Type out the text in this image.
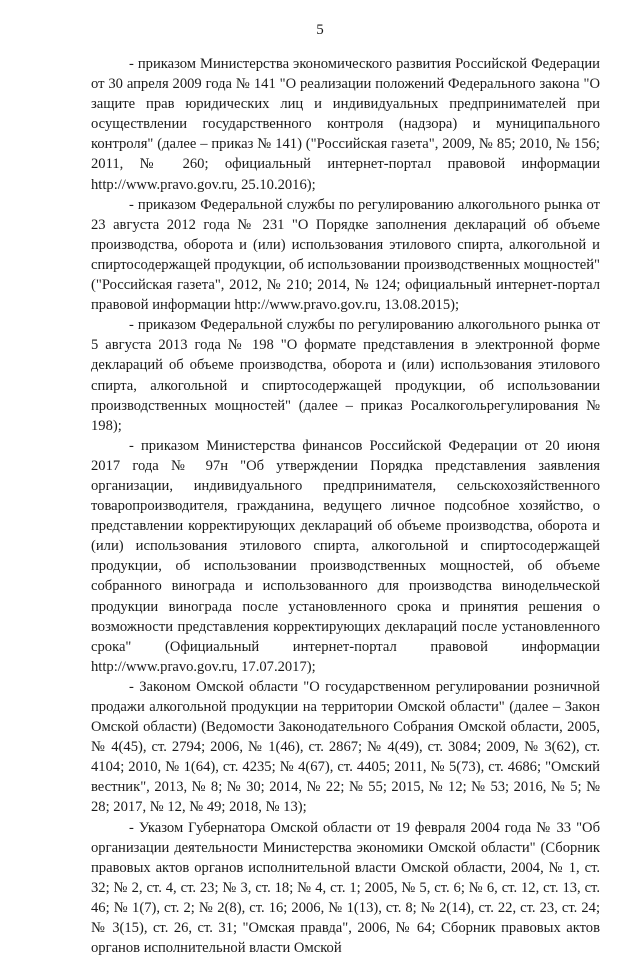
5

- приказом Министерства экономического развития Российской Федерации от 30 апреля 2009 года № 141 "О реализации положений Федерального закона "О защите прав юридических лиц и индивидуальных предпринимателей при осуществлении государственного контроля (надзора) и муниципального контроля" (далее – приказ № 141) ("Российская газета", 2009, № 85; 2010, № 156; 2011, № 260; официальный интернет-портал правовой информации http://www.pravo.gov.ru, 25.10.2016);

- приказом Федеральной службы по регулированию алкогольного рынка от 23 августа 2012 года № 231 "О Порядке заполнения деклараций об объеме производства, оборота и (или) использования этилового спирта, алкогольной и спиртосодержащей продукции, об использовании производственных мощностей" ("Российская газета", 2012, № 210; 2014, № 124; официальный интернет-портал правовой информации http://www.pravo.gov.ru, 13.08.2015);

- приказом Федеральной службы по регулированию алкогольного рынка от 5 августа 2013 года № 198 "О формате представления в электронной форме деклараций об объеме производства, оборота и (или) использования этилового спирта, алкогольной и спиртосодержащей продукции, об использовании производственных мощностей" (далее – приказ Росалкогольрегулирования № 198);

- приказом Министерства финансов Российской Федерации от 20 июня 2017 года № 97н "Об утверждении Порядка представления заявления организации, индивидуального предпринимателя, сельскохозяйственного товаропроизводителя, гражданина, ведущего личное подсобное хозяйство, о представлении корректирующих деклараций об объеме производства, оборота и (или) использования этилового спирта, алкогольной и спиртосодержащей продукции, об использовании производственных мощностей, об объеме собранного винограда и использованного для производства винодельческой продукции винограда после установленного срока и принятия решения о возможности представления корректирующих деклараций после установленного срока" (Официальный интернет-портал правовой информации http://www.pravo.gov.ru, 17.07.2017);

- Законом Омской области "О государственном регулировании розничной продажи алкогольной продукции на территории Омской области" (далее – Закон Омской области) (Ведомости Законодательного Собрания Омской области, 2005, № 4(45), ст. 2794; 2006, № 1(46), ст. 2867; № 4(49), ст. 3084; 2009, № 3(62), ст. 4104; 2010, № 1(64), ст. 4235; № 4(67), ст. 4405; 2011, № 5(73), ст. 4686; "Омский вестник", 2013, № 8; № 30; 2014, № 22; № 55; 2015, № 12; № 53; 2016, № 5; № 28; 2017, № 12, № 49; 2018, № 13);

- Указом Губернатора Омской области от 19 февраля 2004 года № 33 "Об организации деятельности Министерства экономики Омской области" (Сборник правовых актов органов исполнительной власти Омской области, 2004, № 1, ст. 32; № 2, ст. 4, ст. 23; № 3, ст. 18; № 4, ст. 1; 2005, № 5, ст. 6; № 6, ст. 12, ст. 13, ст. 46; № 1(7), ст. 2; № 2(8), ст. 16; 2006, № 1(13), ст. 8; № 2(14), ст. 22, ст. 23, ст. 24; № 3(15), ст. 26, ст. 31; "Омская правда", 2006, № 64; Сборник правовых актов органов исполнительной власти Омской
